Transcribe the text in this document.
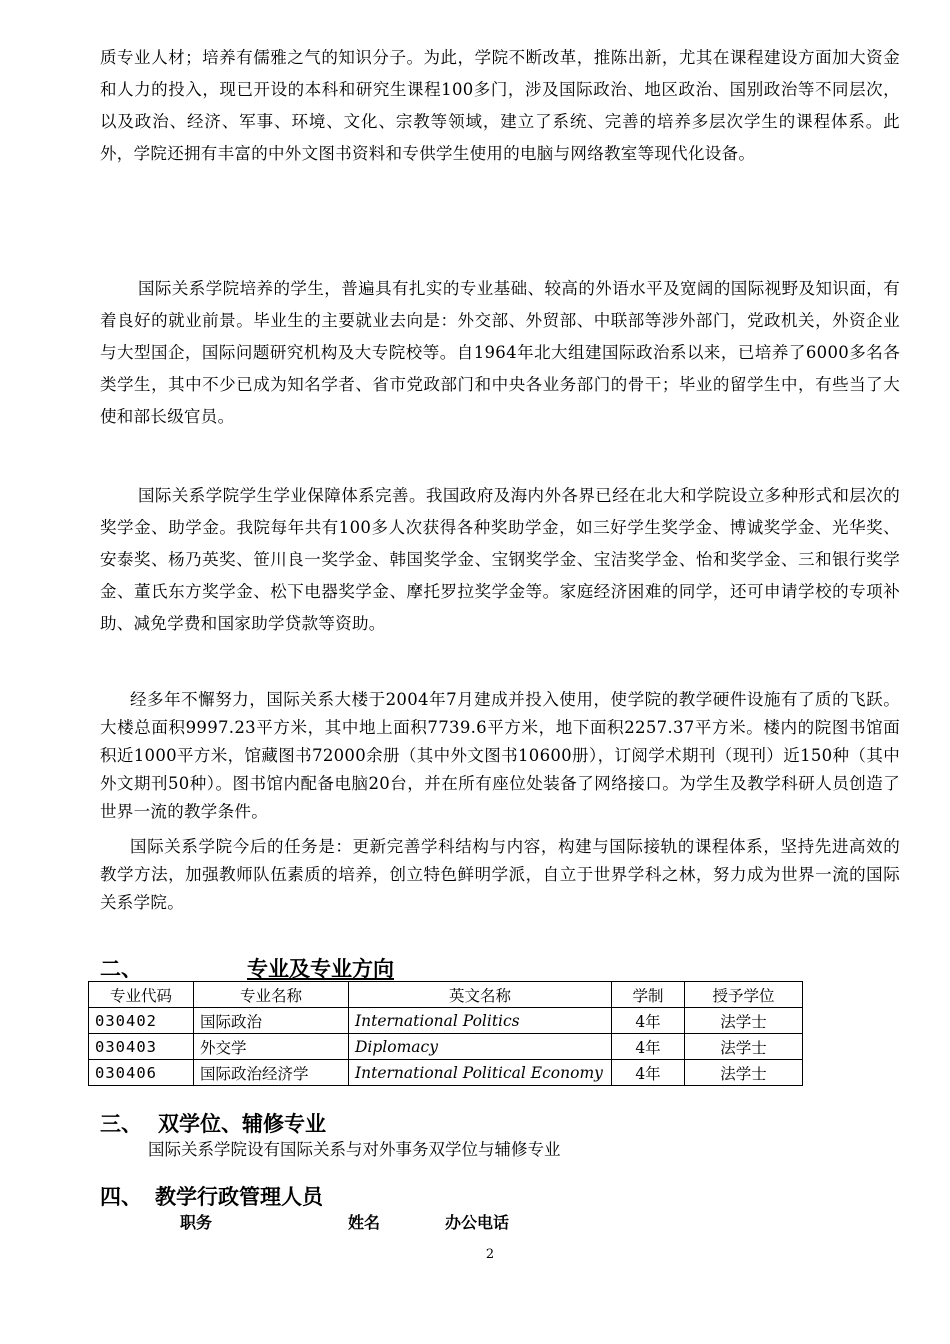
质专业人材；培养有儒雅之气的知识分子。为此，学院不断改革，推陈出新，尤其在课程建设方面加大资金和人力的投入，现已开设的本科和研究生课程100多门，涉及国际政治、地区政治、国别政治等不同层次，以及政治、经济、军事、环境、文化、宗教等领域，建立了系统、完善的培养多层次学生的课程体系。此外，学院还拥有丰富的中外文图书资料和专供学生使用的电脑与网络教室等现代化设备。

国际关系学院培养的学生，普遍具有扎实的专业基础、较高的外语水平及宽阔的国际视野及知识面，有着良好的就业前景。毕业生的主要就业去向是：外交部、外贸部、中联部等涉外部门，党政机关，外资企业与大型国企，国际问题研究机构及大专院校等。自1964年北大组建国际政治系以来，已培养了6000多名各类学生，其中不少已成为知名学者、省市党政部门和中央各业务部门的骨干；毕业的留学生中，有些当了大使和部长级官员。

国际关系学院学生学业保障体系完善。我国政府及海内外各界已经在北大和学院设立多种形式和层次的奖学金、助学金。我院每年共有100多人次获得各种奖助学金，如三好学生奖学金、博诚奖学金、光华奖、安泰奖、杨乃英奖、笹川良一奖学金、韩国奖学金、宝钢奖学金、宝洁奖学金、怡和奖学金、三和银行奖学金、董氏东方奖学金、松下电器奖学金、摩托罗拉奖学金等。家庭经济困难的同学，还可申请学校的专项补助、减免学费和国家助学贷款等资助。

经多年不懈努力，国际关系大楼于2004年7月建成并投入使用，使学院的教学硬件设施有了质的飞跃。大楼总面积9997.23平方米，其中地上面积7739.6平方米，地下面积2257.37平方米。楼内的院图书馆面积近1000平方米，馆藏图书72000余册（其中外文图书10600册），订阅学术期刊（现刊）近150种（其中外文期刊50种）。图书馆内配备电脑20台，并在所有座位处装备了网络接口。为学生及教学科研人员创造了世界一流的教学条件。

国际关系学院今后的任务是：更新完善学科结构与内容，构建与国际接轨的课程体系，坚持先进高效的教学方法，加强教师队伍素质的培养，创立特色鲜明学派，自立于世界学科之林，努力成为世界一流的国际关系学院。

二、	专业及专业方向
专业代码	专业名称	英文名称	学制	授予学位
030402	国际政治	International Politics	4年	法学士
030403	外交学	Diplomacy	4年	法学士
030406	国际政治经济学	International Political Economy	4年	法学士
三、 双学位、辅修专业

国际关系学院设有国际关系与对外事务双学位与辅修专业

四、 教学行政管理人员

职务	姓名	办公电话

2
